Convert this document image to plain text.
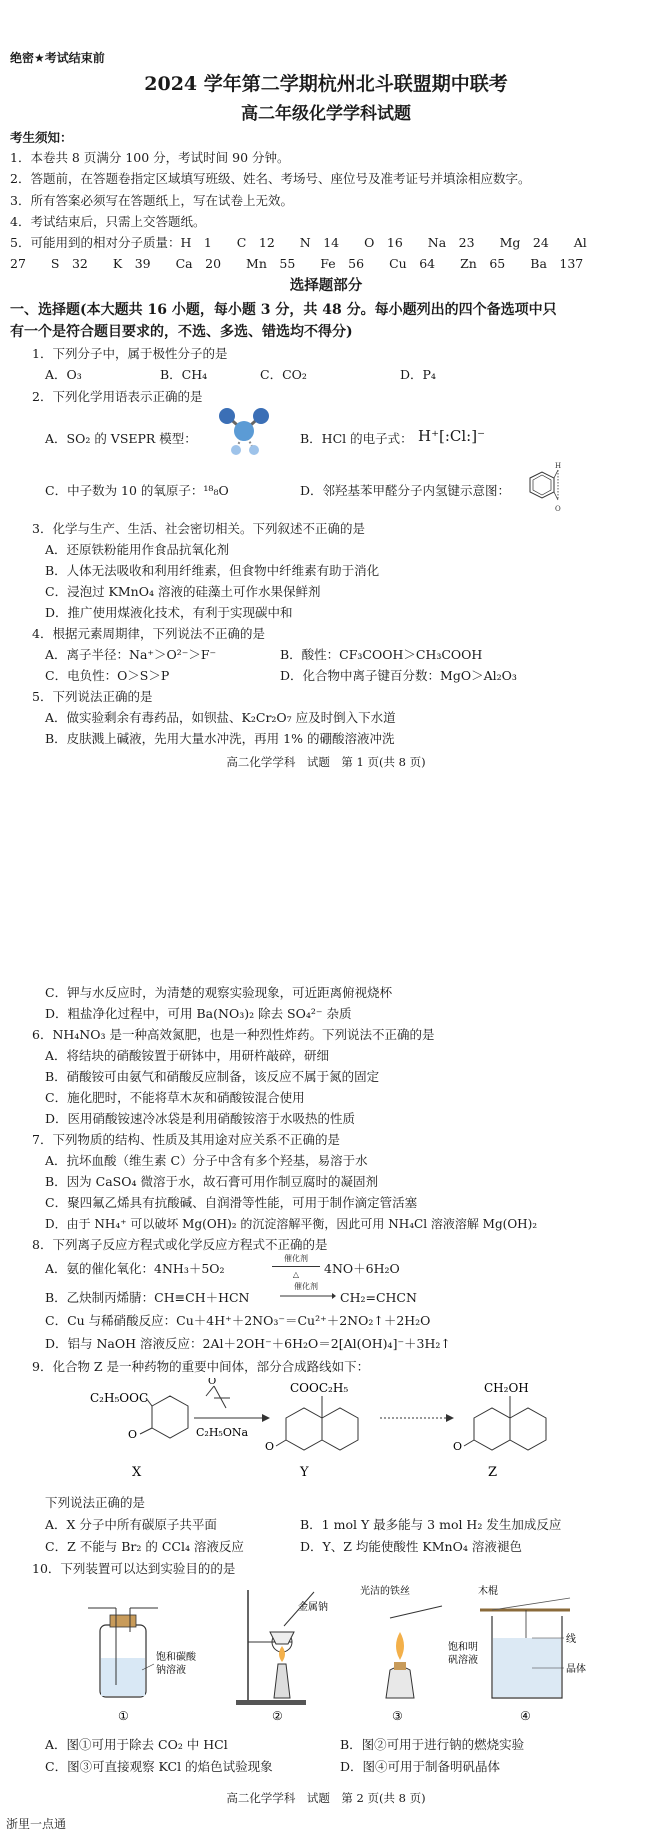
绝密★考试结束前
2024 学年第二学期杭州北斗联盟期中联考
高二年级化学学科试题
考生须知：
1．本卷共 8 页满分 100 分，考试时间 90 分钟。
2．答题前，在答题卷指定区域填写班级、姓名、考场号、座位号及准考证号并填涂相应数字。
3．所有答案必须写在答题纸上，写在试卷上无效。
4．考试结束后，只需上交答题纸。
5．可能用到的相对分子质量：H　1　　C　12　　N　14　　O　16　　Na　23　　Mg　24　　Al
27　　S　32　　K　39　　Ca　20　　Mn　55　　Fe　56　　Cu　64　　Zn　65　　Ba　137
选择题部分
一、选择题(本大题共 16 小题，每小题 3 分，共 48 分。每小题列出的四个备选项中只
有一个是符合题目要求的，不选、多选、错选均不得分)
1．下列分子中，属于极性分子的是
A．O₃	B．CH₄	C．CO₂	D．P₄
2．下列化学用语表示正确的是
A．SO₂ 的 VSEPR 模型：	B．HCl 的电子式： H⁺[:Cl:]⁻
C．中子数为 10 的氧原子：¹⁸₈O	D．邻羟基苯甲醛分子内氢键示意图：
O
H
3．化学与生产、生活、社会密切相关。下列叙述不正确的是
A．还原铁粉能用作食品抗氧化剂
B．人体无法吸收和利用纤维素，但食物中纤维素有助于消化
C．浸泡过 KMnO₄ 溶液的硅藻土可作水果保鲜剂
D．推广使用煤液化技术，有利于实现碳中和
4．根据元素周期律，下列说法不正确的是
A．离子半径：Na⁺＞O²⁻＞F⁻	B．酸性：CF₃COOH＞CH₃COOH
C．电负性：O＞S＞P	D．化合物中离子键百分数：MgO＞Al₂O₃
5．下列说法正确的是
A．做实验剩余有毒药品，如钡盐、K₂Cr₂O₇ 应及时倒入下水道
B．皮肤溅上碱液，先用大量水冲洗，再用 1% 的硼酸溶液冲洗
高二化学学科　试题　第 1 页(共 8 页)
C．钾与水反应时，为清楚的观察实验现象，可近距离俯视烧杯
D．粗盐净化过程中，可用 Ba(NO₃)₂ 除去 SO₄²⁻ 杂质
6．NH₄NO₃ 是一种高效氮肥，也是一种烈性炸药。下列说法不正确的是
A．将结块的硝酸铵置于研钵中，用研杵敲碎，研细
B．硝酸铵可由氨气和硝酸反应制备，该反应不属于氮的固定
C．施化肥时，不能将草木灰和硝酸铵混合使用
D．医用硝酸铵速冷冰袋是利用硝酸铵溶于水吸热的性质
7．下列物质的结构、性质及其用途对应关系不正确的是
A．抗坏血酸（维生素 C）分子中含有多个羟基，易溶于水
B．因为 CaSO₄ 微溶于水，故石膏可用作制豆腐时的凝固剂
C．聚四氟乙烯具有抗酸碱、自润滑等性能，可用于制作滴定管活塞
D．由于 NH₄⁺ 可以破坏 Mg(OH)₂ 的沉淀溶解平衡，因此可用 NH₄Cl 溶液溶解 Mg(OH)₂
8．下列离子反应方程式或化学反应方程式不正确的是
A．氨的催化氧化：4NH₃＋5O₂
催化剂
△	4NO＋6H₂O
B．乙炔制丙烯腈：CH≡CH＋HCN
催化剂
CH₂=CHCN
C．Cu 与稀硝酸反应：Cu＋4H⁺＋2NO₃⁻＝Cu²⁺＋2NO₂↑＋2H₂O
D．铝与 NaOH 溶液反应：2Al＋2OH⁻＋6H₂O＝2[Al(OH)₄]⁻＋3H₂↑
9．化合物 Z 是一种药物的重要中间体，部分合成路线如下：
C₂H₅OOC
O
X
O
C₂H₅ONa
COOC₂H₅
O
Y
CH₂OH
O
Z
下列说法正确的是
A．X 分子中所有碳原子共平面	B．1 mol Y 最多能与 3 mol H₂ 发生加成反应
C．Z 不能与 Br₂ 的 CCl₄ 溶液反应	D．Y、Z 均能使酸性 KMnO₄ 溶液褪色
10．下列装置可以达到实验目的的是
饱和碳酸
钠溶液
①
金属钠
②
光洁的铁丝
③
木棍
线
饱和明
矾溶液
晶体
④
A．图①可用于除去 CO₂ 中 HCl	B．图②可用于进行钠的燃烧实验
C．图③可直接观察 KCl 的焰色试验现象	D．图④可用于制备明矾晶体
高二化学学科　试题　第 2 页(共 8 页)
浙里一点通
